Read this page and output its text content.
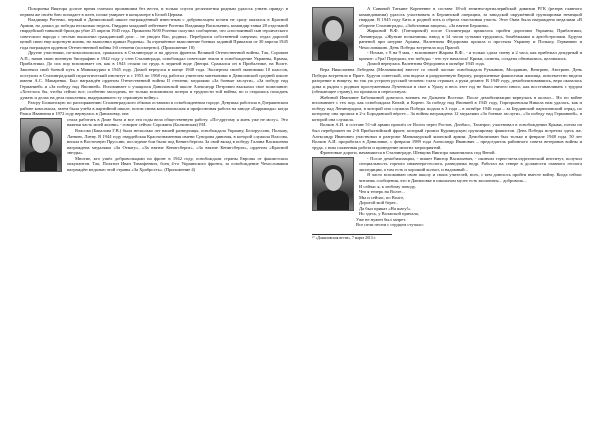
Похоронка Виктора долгое время считали пропавшим без вести, и только спустя десятилетия родным удалось узнать правду: в первом же своём бою попадает в плен, позже умирает в концлагере в Белой Церкви.

Владимир Рогенко, первый в Даниловской школе награждённый известным с добровольцем кстати не сразу оказался в Красной Армии, но дожил до победы несколько недель. Гвардии младший лейтенант Рогенко Владимир Васильевич, командир танка 28 отдельной гвардейской танковой бригады убит 25 апреля 1945 года. Приказом №90 Рогенко получил сообщение, что «постоянный сын героического советского народа с честью выполнил гражданский долг… не увидел Вас, родных. Перебрался собственной смертью, отдал дорогой ценой свою еще короткую жизнь, но выполнил приказ Родины». За отрешённое выполнение боевых заданий Приказом от 30 апреля 1945 года награжден орденом Отечественной войны I-й степени (посмертно). (Приложение 18)

Другие участники, по-комсомольски, сражались в Сталинграде и на других фронтах Великой Отечественной войны. Так, Сорокин А.П., начав свою военную биографию в 1942 году у стен Сталинграда, освобождал советские земли и освобождение Украины, Крыма, Прибалтики. До сих пор вспоминает он, как в 1943 стояли по грудь в ледяной воде Днепра. Сражался он в Прибалтике, на Волге. Закончил свой боевой путь в Маньчжурии в 1945 году. Домой вернулся в конце 1948 года. Экспертом своей экономики 10 классов, поступил в Сталинградский педагогический институт и с 1953 по 1968 год работал учителем математики в Даниловской средней школе имени А.С. Макаренко. Был награждён орденом Отечественной войны II степени, медалями «За боевые заслуги», «За победу над Германией» и «За победу над Японией». Вспоминает о учащихся Даниловской школе Александр Петрович высказал свое пожелание: «Хотелось бы, чтобы сейчас все, особенно молодежь, не только вспоминали потери и трудности той войны, но и старались походить думать и делах на дела поколения, выдержавшего ту страшную войну.»

Разгру Болконскую по распоряжению Сталинградского обкома оставили в освобожденном городе. Девушка работала в Дзержинском районе комсомола, затем была учеба в партийной школе, потом снова комсомольская и профсоюзная работа на заводе «Баррикады» когда Раиса Ивановна в 1972 году вернулась в Даниловку, она

стала работать в Доме быта и все эти годы вела общественную работу. «По-другому я жить уже не могу». Это важная часть моей жизни» - говорит сейчас Сорокина (Болконская) Р.И.

Власова (Бакалова Г.В.) была несколько лет нашей разведчицы, освобождала Украину, Белоруссию, Польшу, Латвию, Литву. В 1944 году гвардейская Краснознаменная имени Суворова дивизия, в которой служила Власова, вошла в Восточную Пруссию, последние бои были под Кенигсбергом. За свой вклад в победу Галина Васильевна награждена медалями «За Отвагу», «За взятие Кенигсберга», «За взятие Кенигсберга», орденом «Красной звезды».

Многие, кто ушёл добровольцами на фронт в 1942 году, освобождали страны Европы от фашистских оккупантов. Так, Полатон Иван Тимофеевич, боец 4-го Украинского фронта, за освобождение Чехословакии награждён медалью этой страны «За Храбрость». (Приложение 4)

А Савиной Татьяне Корнеевне в составе 18-ой зенитно-артиллерийской дивизии РГК (резерв главного командования) удалось участвовать в Берлинской операции, за заводской окружённой группировки немецкой гвардии. В 1945 году Бить и родной хоть и обрела счастливая участь. Этот Окна была награждена медалями «В обороне Сталинграда», «Заботливая защита», «За взятие Берлина».

Жарковой В.Ф. (Гончаровой) после Сталинграда пришлось пройти дорогами Украины, Прибалтики, Ленинграда. «Жуткие испытания» взвод в 14 часов сутками трудились, бомбёжками и артобстрелами. Будучи раненой при штурме Архива, Валентина Фёдоровна прошла и просеяла Украину и Польшу, Германию и Чехословакию. День Победы встретила под Прагой.

- Ночью, с 8 на 9 мая, - вспоминает Жарова В.Ф., - я только сдала смену и 2 часа, как прибежал дежурный и кричит: «Ура! Передали, что победа» - что тут началось! Крики, салюты, солдаты обнимались, целовались.

Домой вернулась Валентина Фёдоровна в октябре 1945 года.

Вера Николаевна Лебедева (Мельникова) вместе со своей частью освобождала Румынию, Молдавию, Венгрию, Австрию. День Победы встретила в Праге. Будучи советской, она видела и разрушенную Европу, разрушенные фашистами жилища, повсеместно видела разорение и нищету, но так уж устроен русский человек: глаза страшат, а руки делают. В 1949 году, демобилизовавшись, вера оказалась дома и рядом с родным простуженным Лучеевски и свое к Уралу и весь этот год не было ничего иного, как восстанавливать с трудом (обежающее страну), но прожила и пересохнула.

Жабиной Ивановне Бабочкиной довелось воевать на Дальнем Востоке. После демобилизации вернулась в колхоз... Но по войне вспоминает с тех пор, как освобождала Китай, и Корею. За победу над Японией в 1945 году, Гиргорьевская Никола нам удалась, как и победу над Ленинградом, в которой она служила Победы подала в 3 года – в октябре 1946 года – за Бердянский партизанский отряд, по которому она прошла в 2-х Бородянской вёрсте... За войны награждена 12 медалями «За боевые заслуги», «За победу над Германией», в которой она служила.

Волков А.И. в составе 51-ой армии прошёл от Волги через Ростов, Донбасс, Таганрог, участвовал в освобождении Крыма, потом он был переброшен на 2-й Прибалтийский фронт, который громил Курляндскую группировку фашистов. День Победы встретил здесь же. Александр Иванович участвовал в разгроме Маньчжурской японской армии. Демобилизован был только в феврале 1948 года. 50 лет Волков А.И. проработал в Даниловке, с февраля 1989 года Александр Иванович – председатель районного совета ветеранов войны и труда, с ним слаженная работа и проведение многих мероприятий.

Фронтовые дороги, начавшиеся в Сталинграде, Шевцова Виктора закончились под Веной.

- После демобилизации, - пишет Виктор Васильевич, - окончил горно-металлургический институт, получил специальность горного инженера-геолога, разведчика недр. Работал на севере в должности главного геолога экспедиции, а там есть и хороший колхоз, и надомный...

Я часто вспоминаю свою школу и своих учителей, всех, с кем довелось пройти вместе войну. Когда сейчас читаешь сообщения, что в Даниловке в школьном музее есть экспонаты... доброволь...

И сейчас я, к любому поводу,

Что я теперь на Волге...

Мы и сейчас, по Волге,

Дорогой мой берег...

Да был приказ «На шагу!».

Но здесь, у Волжской причала,

Уже не нужен был запрет.

Все пели песни с сердцем стучало:

¹⁰ «Даниловская вести», 7 марта 2013 г.
